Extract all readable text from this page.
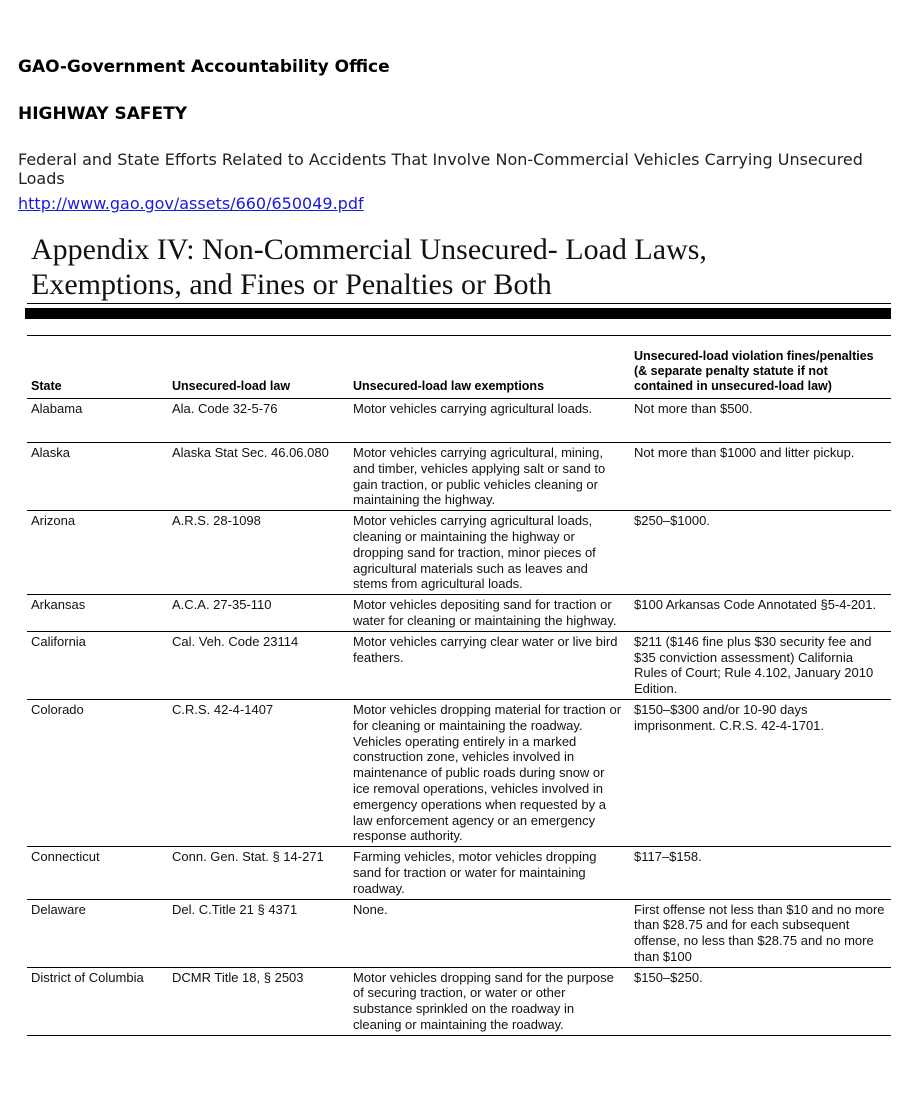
GAO-Government Accountability Office
HIGHWAY SAFETY
Federal and State Efforts Related to Accidents That Involve Non-Commercial Vehicles Carrying Unsecured Loads
http://www.gao.gov/assets/660/650049.pdf
Appendix IV: Non-Commercial Unsecured- Load Laws,
Exemptions, and Fines or Penalties or Both
State	Unsecured-load law	Unsecured-load law exemptions	Unsecured-load violation fines/penalties (& separate penalty statute if not contained in unsecured-load law)
Alabama	Ala. Code 32-5-76	Motor vehicles carrying agricultural loads.	Not more than $500.
Alaska	Alaska Stat Sec. 46.06.080	Motor vehicles carrying agricultural, mining, and timber, vehicles applying salt or sand to gain traction, or public vehicles cleaning or maintaining the highway.	Not more than $1000 and litter pickup.
Arizona	A.R.S. 28-1098	Motor vehicles carrying agricultural loads, cleaning or maintaining the highway or dropping sand for traction, minor pieces of agricultural materials such as leaves and stems from agricultural loads.	$250–$1000.
Arkansas	A.C.A. 27-35-110	Motor vehicles depositing sand for traction or water for cleaning or maintaining the highway.	$100 Arkansas Code Annotated §5-4-201.
California	Cal. Veh. Code 23114	Motor vehicles carrying clear water or live bird feathers.	$211 ($146 fine plus $30 security fee and $35 conviction assessment) California Rules of Court; Rule 4.102, January 2010 Edition.
Colorado	C.R.S. 42-4-1407	Motor vehicles dropping material for traction or for cleaning or maintaining the roadway. Vehicles operating entirely in a marked construction zone, vehicles involved in maintenance of public roads during snow or ice removal operations, vehicles involved in emergency operations when requested by a law enforcement agency or an emergency response authority.	$150–$300 and/or 10-90 days imprisonment. C.R.S. 42-4-1701.
Connecticut	Conn. Gen. Stat. § 14-271	Farming vehicles, motor vehicles dropping sand for traction or water for maintaining roadway.	$117–$158.
Delaware	Del. C.Title 21 § 4371	None.	First offense not less than $10 and no more than $28.75 and for each subsequent offense, no less than $28.75 and no more than $100

District of Columbia	DCMR Title 18, § 2503	Motor vehicles dropping sand for the purpose of securing traction, or water or other substance sprinkled on the roadway in cleaning or maintaining the roadway.	$150–$250.
